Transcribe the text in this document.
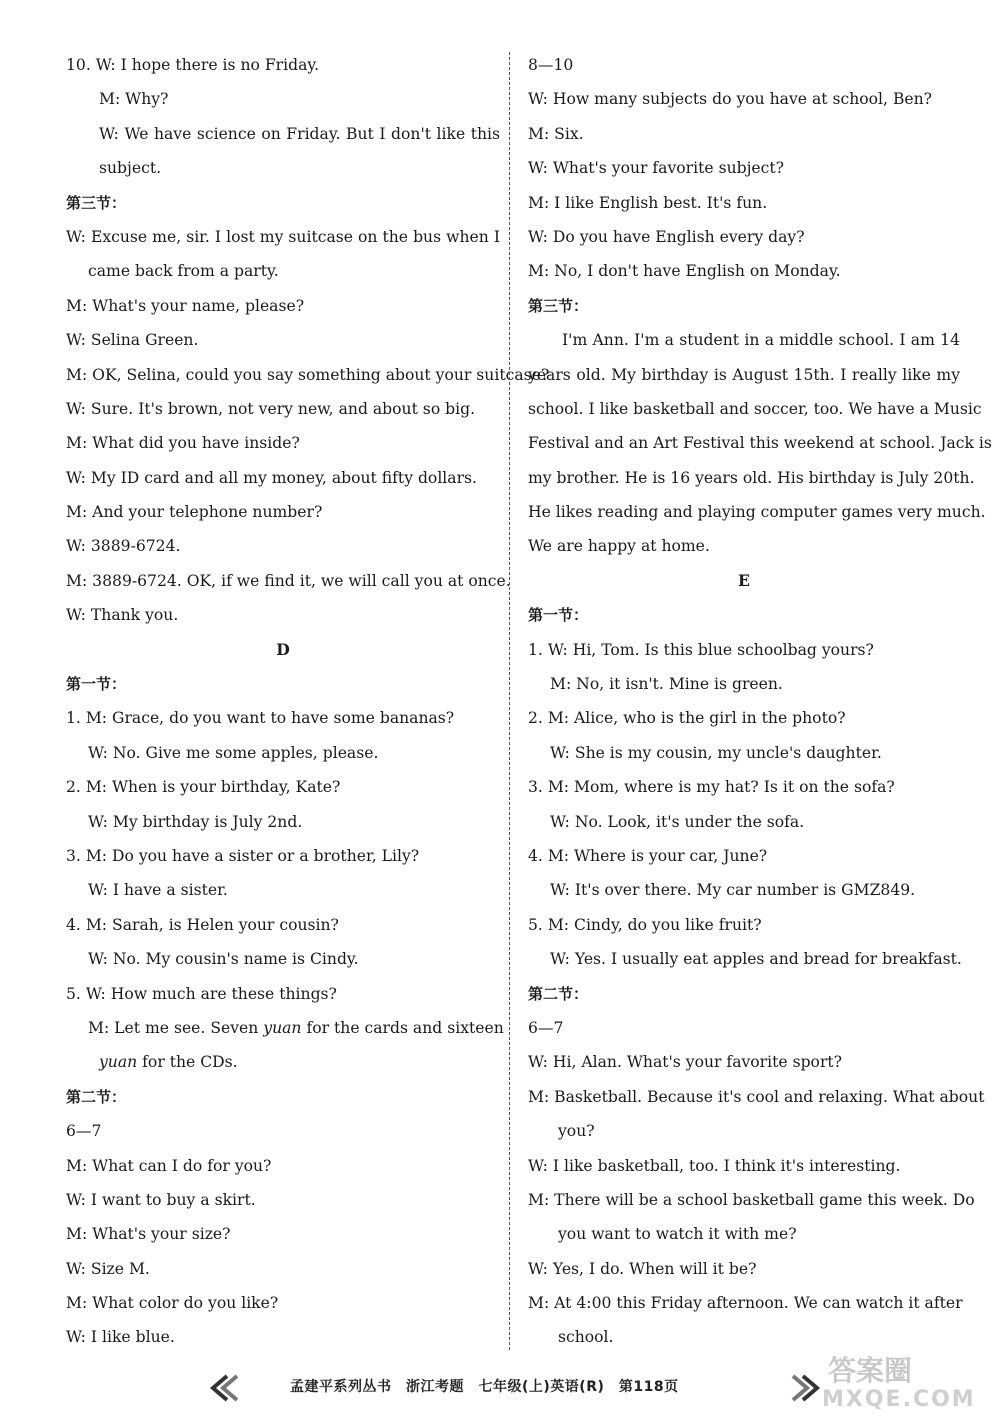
10. W: I hope there is no Friday.
M: Why?
W: We have science on Friday. But I don't like this
subject.
第三节：
W: Excuse me, sir. I lost my suitcase on the bus when I
came back from a party.
M: What's your name, please?
W: Selina Green.
M: OK, Selina, could you say something about your suitcase?
W: Sure. It's brown, not very new, and about so big.
M: What did you have inside?
W: My ID card and all my money, about fifty dollars.
M: And your telephone number?
W: 3889-6724.
M: 3889-6724. OK, if we find it, we will call you at once.
W: Thank you.
D
第一节：
1. M: Grace, do you want to have some bananas?
W: No. Give me some apples, please.
2. M: When is your birthday, Kate?
W: My birthday is July 2nd.
3. M: Do you have a sister or a brother, Lily?
W: I have a sister.
4. M: Sarah, is Helen your cousin?
W: No. My cousin's name is Cindy.
5. W: How much are these things?
M: Let me see. Seven yuan for the cards and sixteen
yuan for the CDs.
第二节：
6—7
M: What can I do for you?
W: I want to buy a skirt.
M: What's your size?
W: Size M.
M: What color do you like?
W: I like blue.
8—10
W: How many subjects do you have at school, Ben?
M: Six.
W: What's your favorite subject?
M: I like English best. It's fun.
W: Do you have English every day?
M: No, I don't have English on Monday.
第三节：
I'm Ann. I'm a student in a middle school. I am 14
years old. My birthday is August 15th. I really like my
school. I like basketball and soccer, too. We have a Music
Festival and an Art Festival this weekend at school. Jack is
my brother. He is 16 years old. His birthday is July 20th.
He likes reading and playing computer games very much.
We are happy at home.
E
第一节：
1. W: Hi, Tom. Is this blue schoolbag yours?
M: No, it isn't. Mine is green.
2. M: Alice, who is the girl in the photo?
W: She is my cousin, my uncle's daughter.
3. M: Mom, where is my hat? Is it on the sofa?
W: No. Look, it's under the sofa.
4. M: Where is your car, June?
W: It's over there. My car number is GMZ849.
5. M: Cindy, do you like fruit?
W: Yes. I usually eat apples and bread for breakfast.
第二节：
6—7
W: Hi, Alan. What's your favorite sport?
M: Basketball. Because it's cool and relaxing. What about
you?
W: I like basketball, too. I think it's interesting.
M: There will be a school basketball game this week. Do
you want to watch it with me?
W: Yes, I do. When will it be?
M: At 4:00 this Friday afternoon. We can watch it after
school.
孟建平系列丛书　浙江考题　七年级(上)英语(R)　第118页	答案圈
MXQE.COM
